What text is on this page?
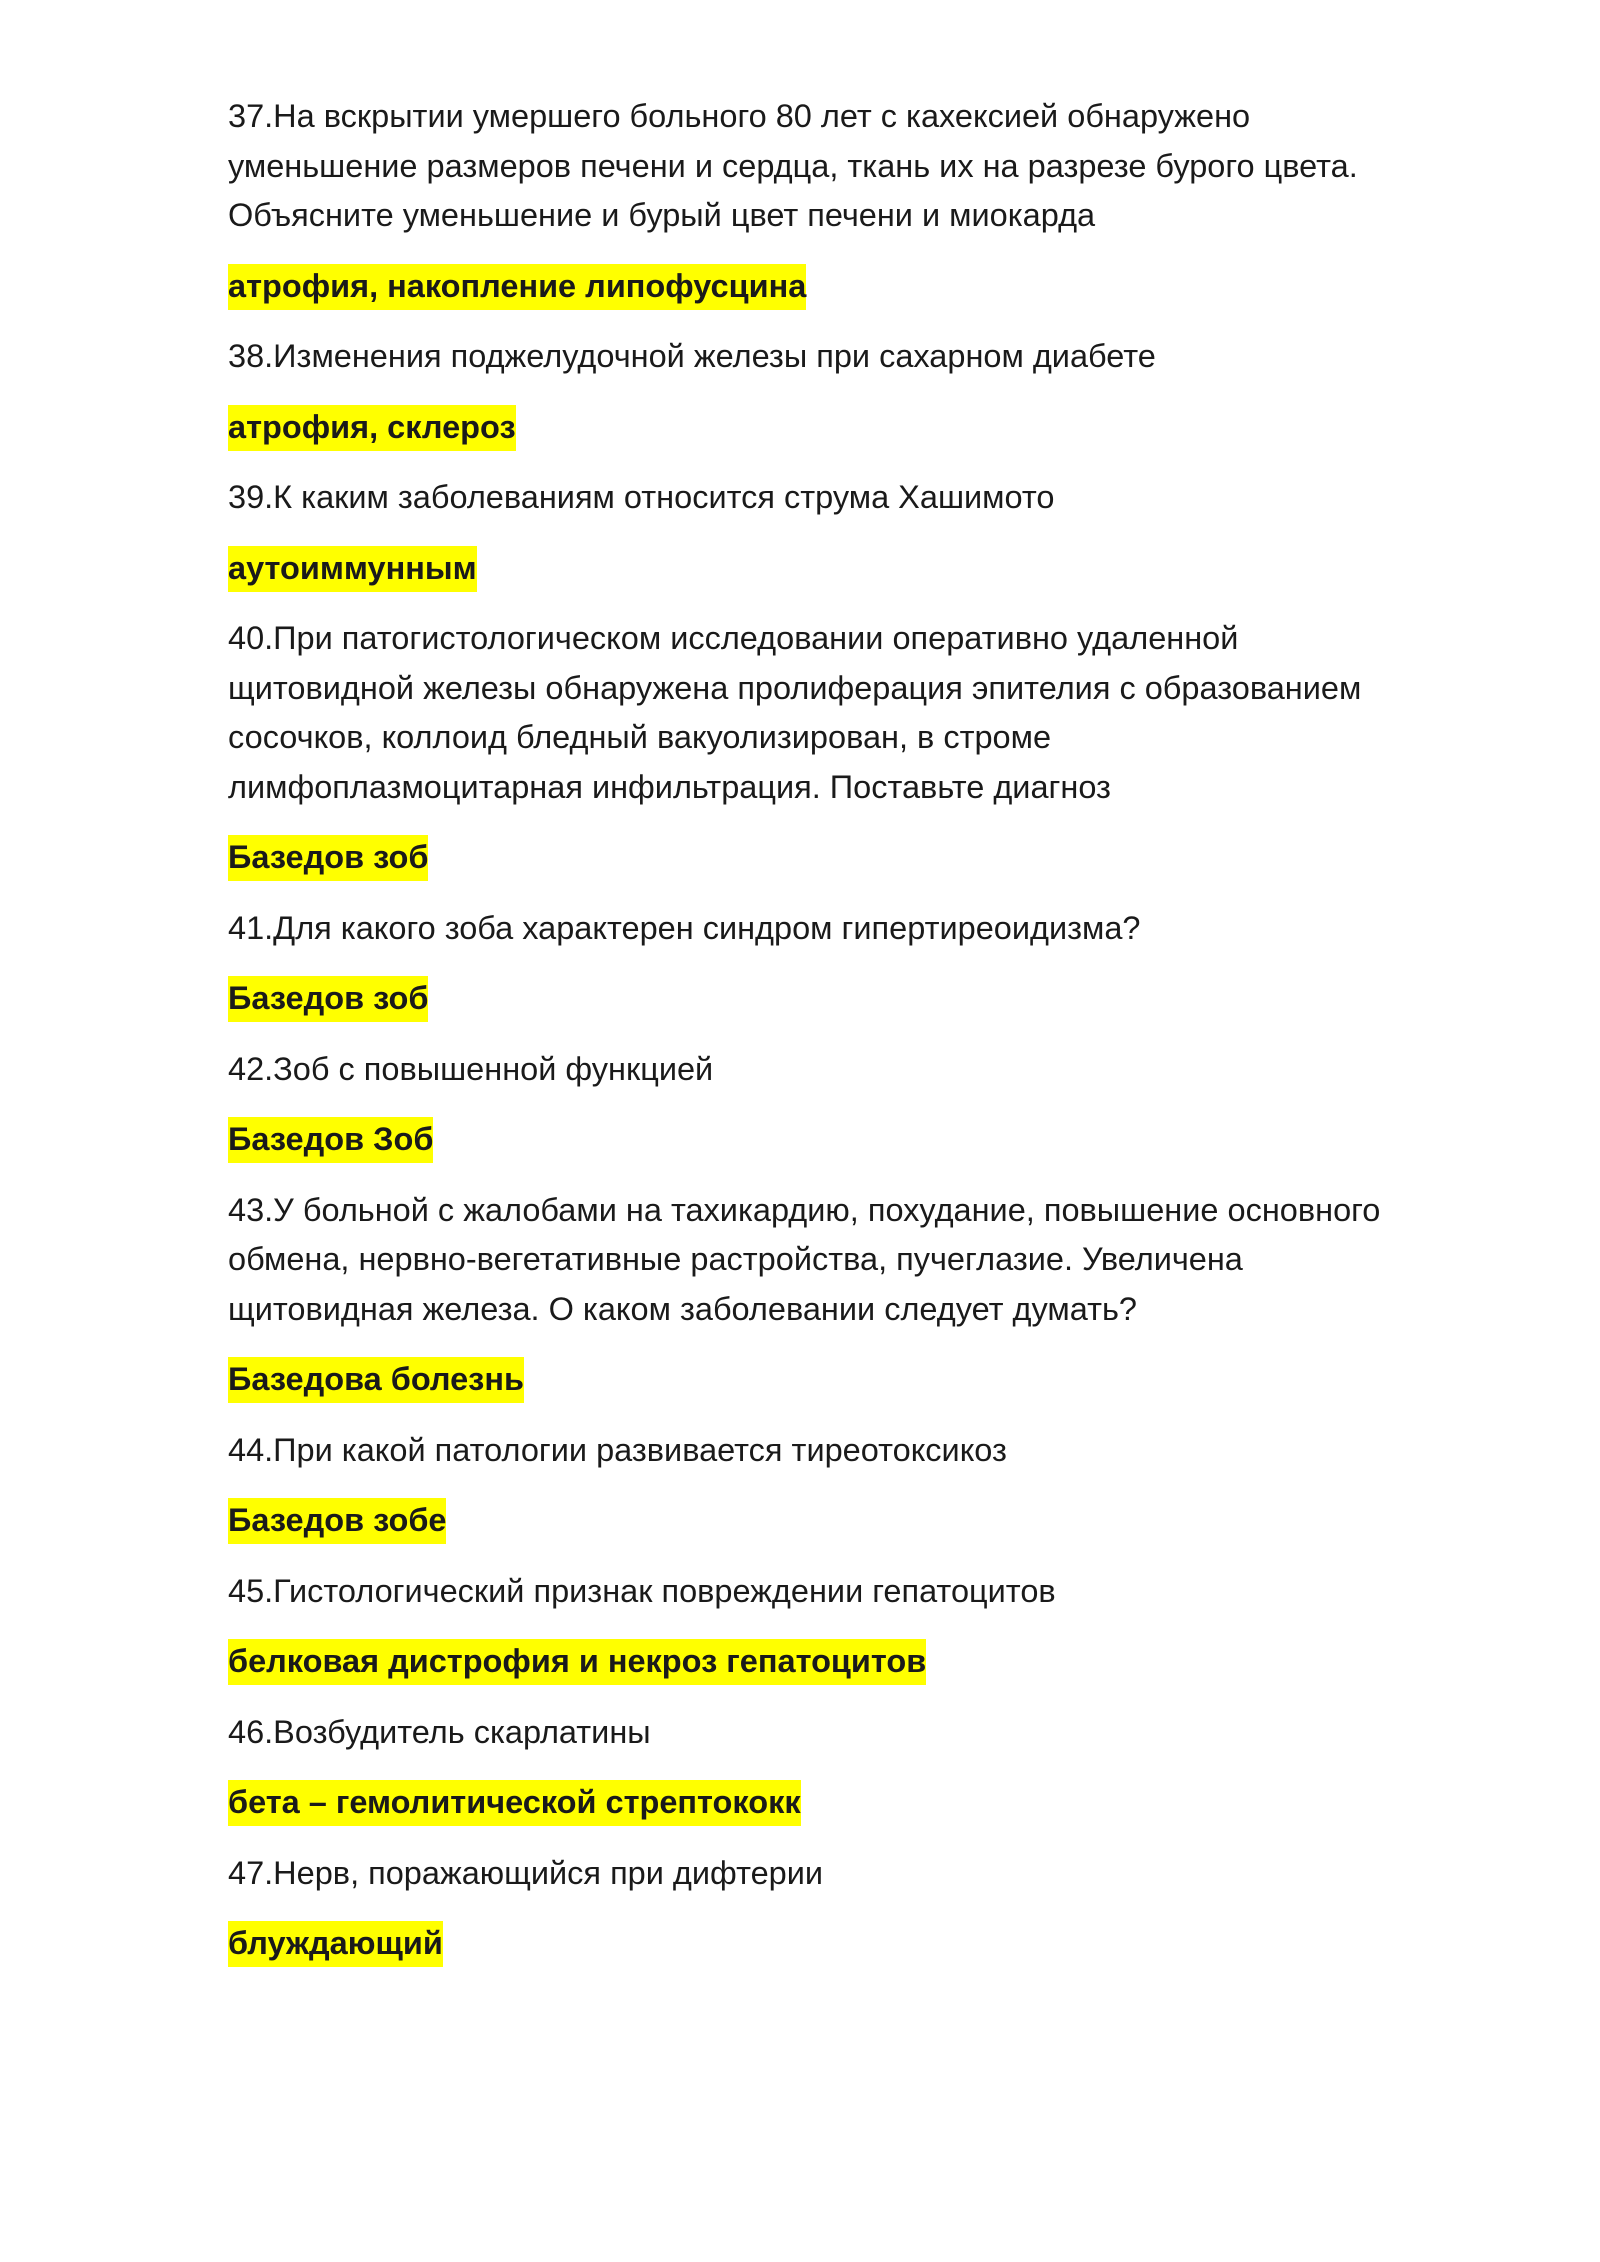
37.На вскрытии умершего больного 80 лет с кахексией обнаружено
уменьшение размеров печени и сердца, ткань их на разрезе бурого цвета.
Объясните уменьшение и бурый цвет печени и миокарда

атрофия, накопление липофусцина

38.Изменения поджелудочной железы при сахарном диабете

атрофия, склероз

39.К каким заболеваниям относится струма Хашимото

аутоиммунным

40.При патогистологическом исследовании оперативно удаленной
щитовидной железы обнаружена пролиферация эпителия с образованием
сосочков, коллоид бледный вакуолизирован, в строме
лимфоплазмоцитарная инфильтрация. Поставьте диагноз

Базедов зоб

41.Для какого зоба характерен синдром гипертиреоидизма?

Базедов зоб

42.Зоб с повышенной функцией

Базедов Зоб

43.У больной с жалобами на тахикардию, похудание, повышение основного
обмена, нервно-вегетативные растройства, пучеглазие. Увеличена
щитовидная железа. О каком заболевании следует думать?

Базедова болезнь

44.При какой патологии развивается тиреотоксикоз

Базедов зобе

45.Гистологический признак повреждении гепатоцитов

белковая дистрофия и некроз гепатоцитов

46.Возбудитель скарлатины

бета – гемолитической стрептококк

47.Нерв, поражающийся при дифтерии

блуждающий
